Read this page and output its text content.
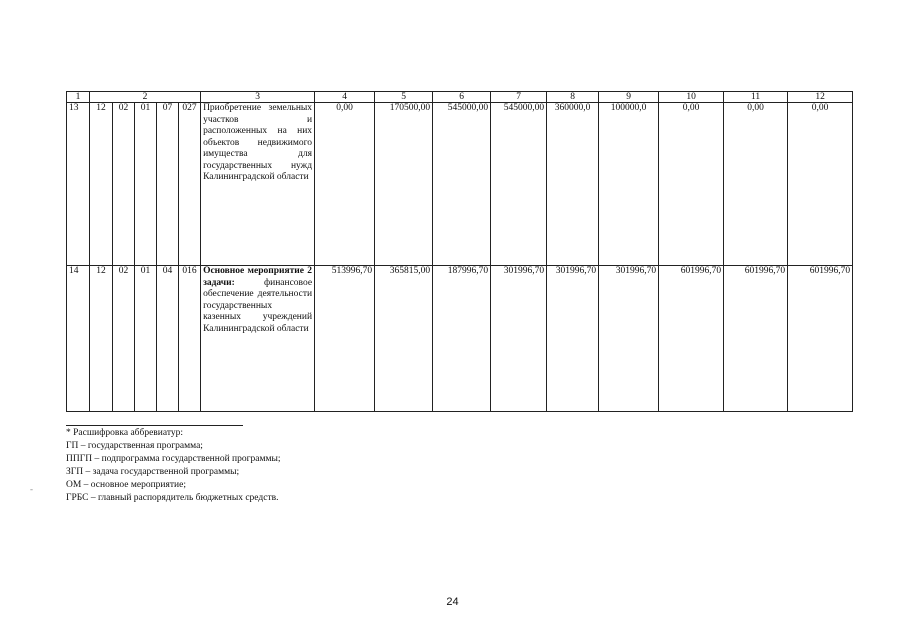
1	2					3	4	5	6	7	8	9	10	11	12
13	12	02	01	07	027	Приобретение земельных участков и расположенных на них объектов недвижимого имущества для государственных нужд Калининградской области	0,00	170500,00	545000,00	545000,00	360000,0	100000,0	0,00	0,00	0,00
14	12	02	01	04	016	Основное мероприятие 2 задачи: финансовое обеспечение деятельности государственных казенных учреждений Калининградской области	513996,70	365815,00	187996,70	301996,70	301996,70	301996,70	601996,70	601996,70	601996,70
* Расшифровка аббревиатур:
ГП – государственная программа;
ППГП – подпрограмма государственной программы;
ЗГП – задача государственной программы;
ОМ – основное мероприятие;
ГРБС – главный распорядитель бюджетных средств.
-
24
